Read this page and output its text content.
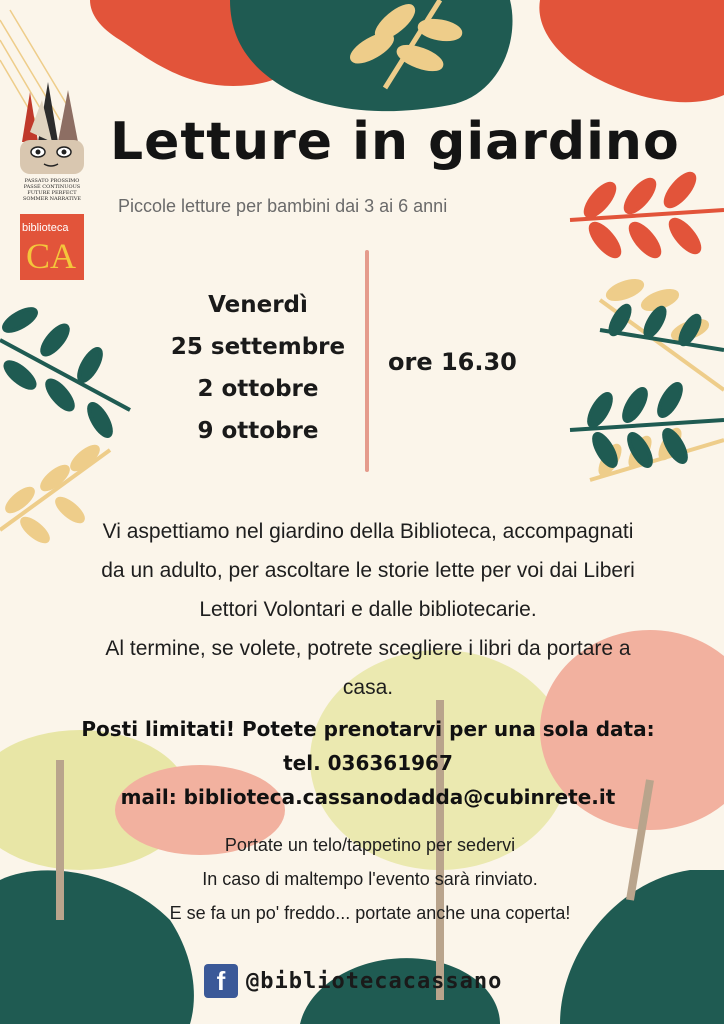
PASSATO PROSSIMO PASSÉ CONTINUOUS FUTURE PERFECT SOMMER NARRATIVE
biblioteca
CA
Letture in giardino
Piccole letture per bambini dai 3 ai 6 anni
Venerdì
25 settembre
2 ottobre
9 ottobre
ore 16.30
Vi aspettiamo nel giardino della Biblioteca, accompagnati
da un adulto, per ascoltare le storie lette per voi dai Liberi
Lettori Volontari e dalle bibliotecarie.
Al termine, se volete, potrete scegliere i libri da portare a
casa.
Posti limitati! Potete prenotarvi per una sola data:
tel. 036361967
mail: biblioteca.cassanodadda@cubinrete.it
Portate un telo/tappetino per sedervi
In caso di maltempo l'evento sarà rinviato.
E se fa un po' freddo... portate anche una coperta!
f @bibliotecacassano
